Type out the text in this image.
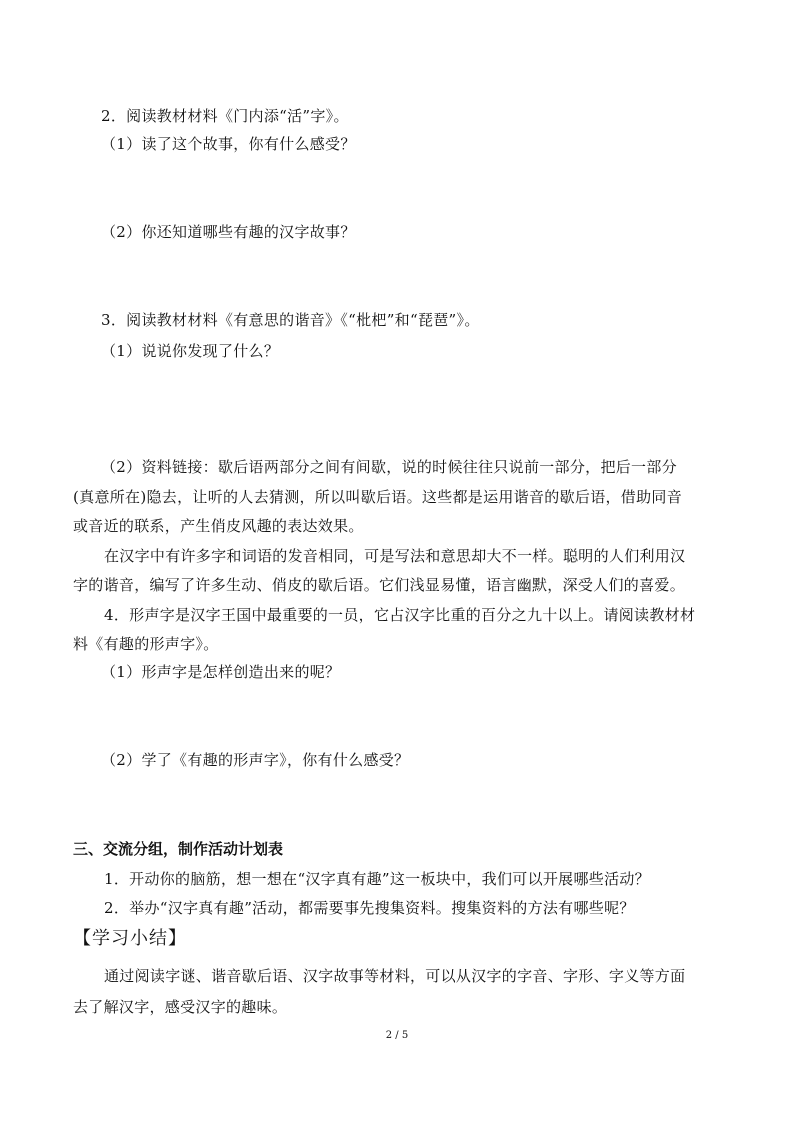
2．阅读教材材料《门内添“活”字》。
（1）读了这个故事，你有什么感受？
（2）你还知道哪些有趣的汉字故事？
3．阅读教材材料《有意思的谐音》《“枇杷”和“琵琶”》。
（1）说说你发现了什么？
（2）资料链接：歇后语两部分之间有间歇，说的时候往往只说前一部分，把后一部分
(真意所在)隐去，让听的人去猜测，所以叫歇后语。这些都是运用谐音的歇后语，借助同音
或音近的联系，产生俏皮风趣的表达效果。
在汉字中有许多字和词语的发音相同，可是写法和意思却大不一样。聪明的人们利用汉
字的谐音，编写了许多生动、俏皮的歇后语。它们浅显易懂，语言幽默，深受人们的喜爱。
4．形声字是汉字王国中最重要的一员，它占汉字比重的百分之九十以上。请阅读教材材
料《有趣的形声字》。
（1）形声字是怎样创造出来的呢？
（2）学了《有趣的形声字》，你有什么感受？
三、交流分组，制作活动计划表
1．开动你的脑筋，想一想在“汉字真有趣”这一板块中，我们可以开展哪些活动？
2．举办“汉字真有趣”活动，都需要事先搜集资料。搜集资料的方法有哪些呢？
【学习小结】
通过阅读字谜、谐音歇后语、汉字故事等材料，可以从汉字的字音、字形、字义等方面
去了解汉字，感受汉字的趣味。
2 / 5
